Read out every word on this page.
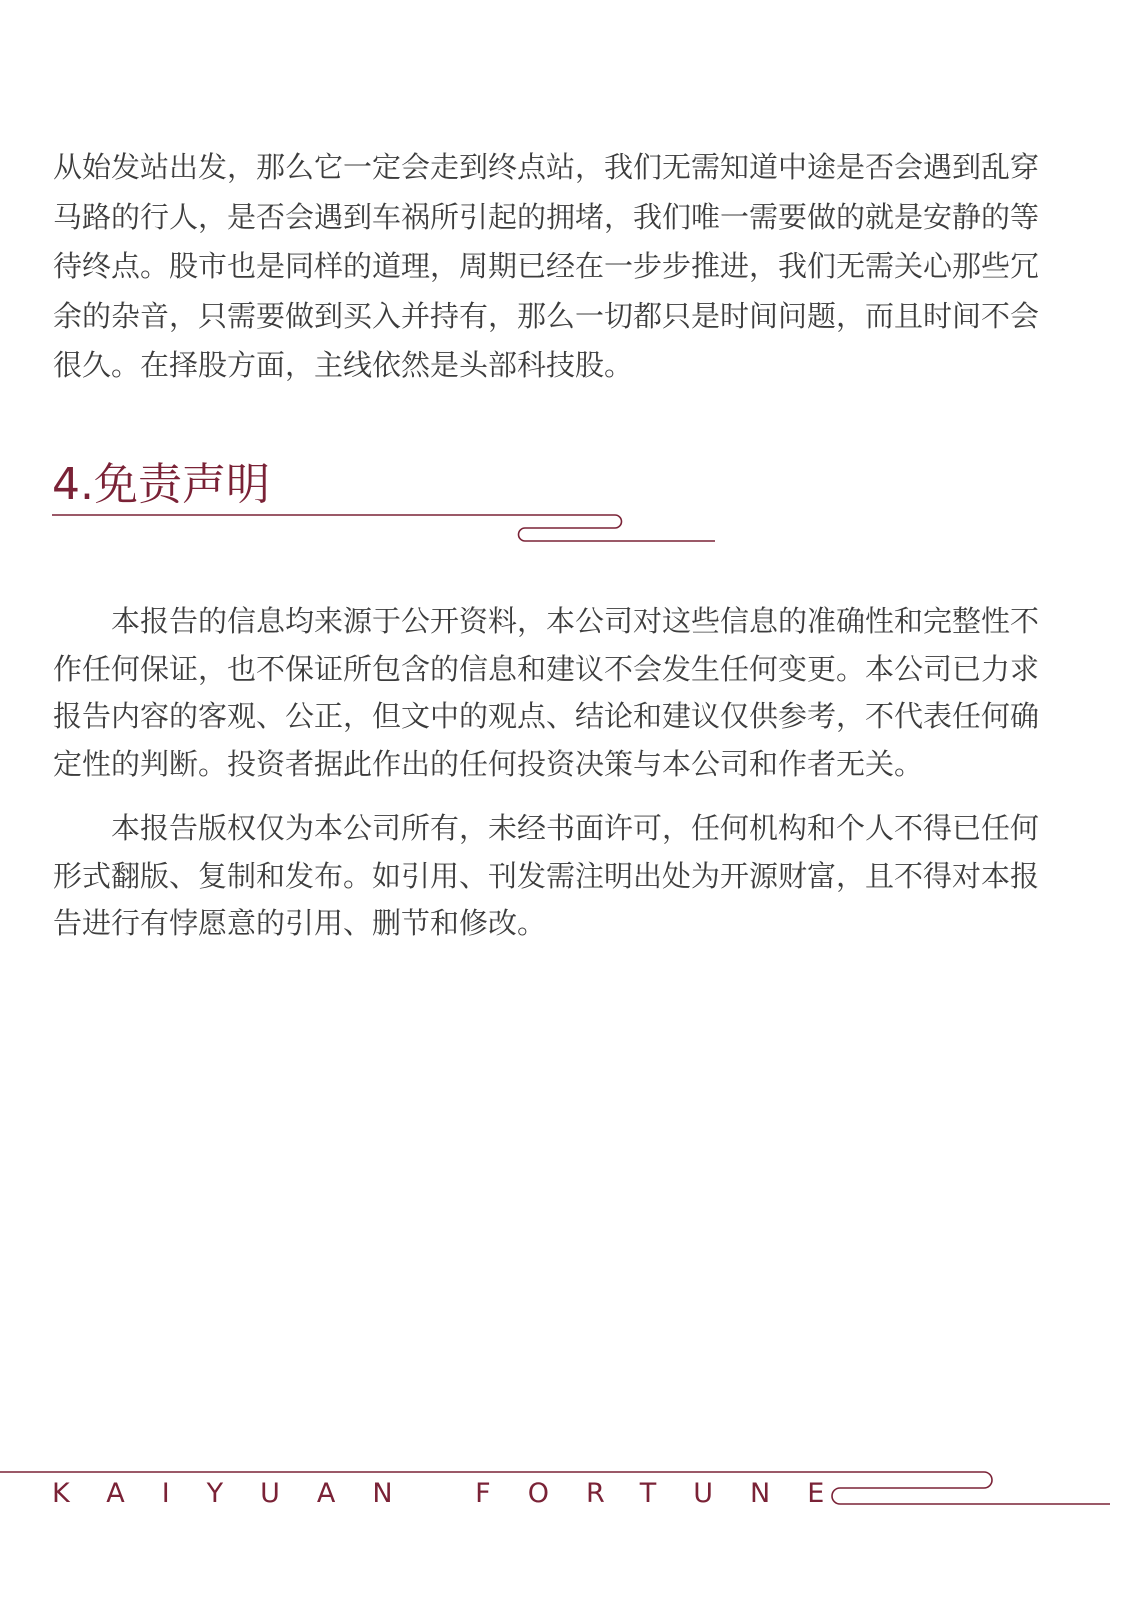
从始发站出发，那么它一定会走到终点站，我们无需知道中途是否会遇到乱穿马路的行人，是否会遇到车祸所引起的拥堵，我们唯一需要做的就是安静的等待终点。股市也是同样的道理，周期已经在一步步推进，我们无需关心那些冗余的杂音，只需要做到买入并持有，那么一切都只是时间问题，而且时间不会很久。在择股方面，主线依然是头部科技股。

4.免责声明

本报告的信息均来源于公开资料，本公司对这些信息的准确性和完整性不作任何保证，也不保证所包含的信息和建议不会发生任何变更。本公司已力求报告内容的客观、公正，但文中的观点、结论和建议仅供参考，不代表任何确定性的判断。投资者据此作出的任何投资决策与本公司和作者无关。

本报告版权仅为本公司所有，未经书面许可，任何机构和个人不得已任何形式翻版、复制和发布。如引用、刊发需注明出处为开源财富，且不得对本报告进行有悖愿意的引用、删节和修改。

KAIYUAN FORTUNE
